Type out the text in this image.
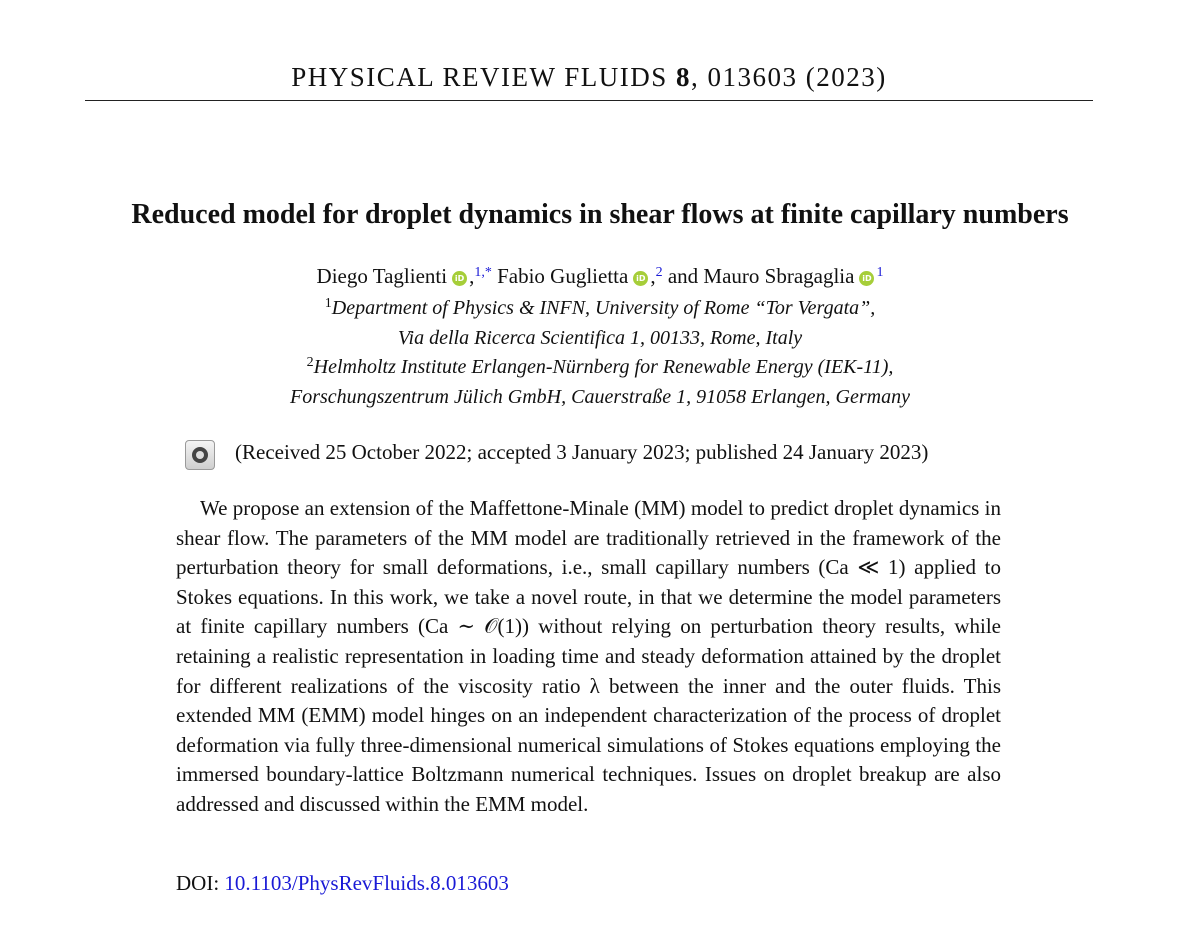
PHYSICAL REVIEW FLUIDS 8, 013603 (2023)
Reduced model for droplet dynamics in shear flows at finite capillary numbers
Diego Taglienti iD ,$^{1,*}$ Fabio Guglietta iD ,$^2$ and Mauro Sbragaglia iD $^1$
$^1$Department of Physics & INFN, University of Rome “Tor Vergata”,
Via della Ricerca Scientifica 1, 00133, Rome, Italy
$^2$Helmholtz Institute Erlangen-Nürnberg for Renewable Energy (IEK-11),
Forschungszentrum Jülich GmbH, Cauerstraße 1, 91058 Erlangen, Germany
(Received 25 October 2022; accepted 3 January 2023; published 24 January 2023)

We propose an extension of the Maffettone-Minale (MM) model to predict droplet dynamics in shear flow. The parameters of the MM model are traditionally retrieved in the framework of the perturbation theory for small deformations, i.e., small capillary numbers (Ca ≪ 1) applied to Stokes equations. In this work, we take a novel route, in that we determine the model parameters at finite capillary numbers (Ca ∼ 𝒪(1)) without relying on perturbation theory results, while retaining a realistic representation in loading time and steady deformation attained by the droplet for different realizations of the viscosity ratio λ between the inner and the outer fluids. This extended MM (EMM) model hinges on an independent characterization of the process of droplet deformation via fully three-dimensional numerical simulations of Stokes equations employing the immersed boundary-lattice Boltzmann numerical techniques. Issues on droplet breakup are also addressed and discussed within the EMM model.

DOI: 10.1103/PhysRevFluids.8.013603
